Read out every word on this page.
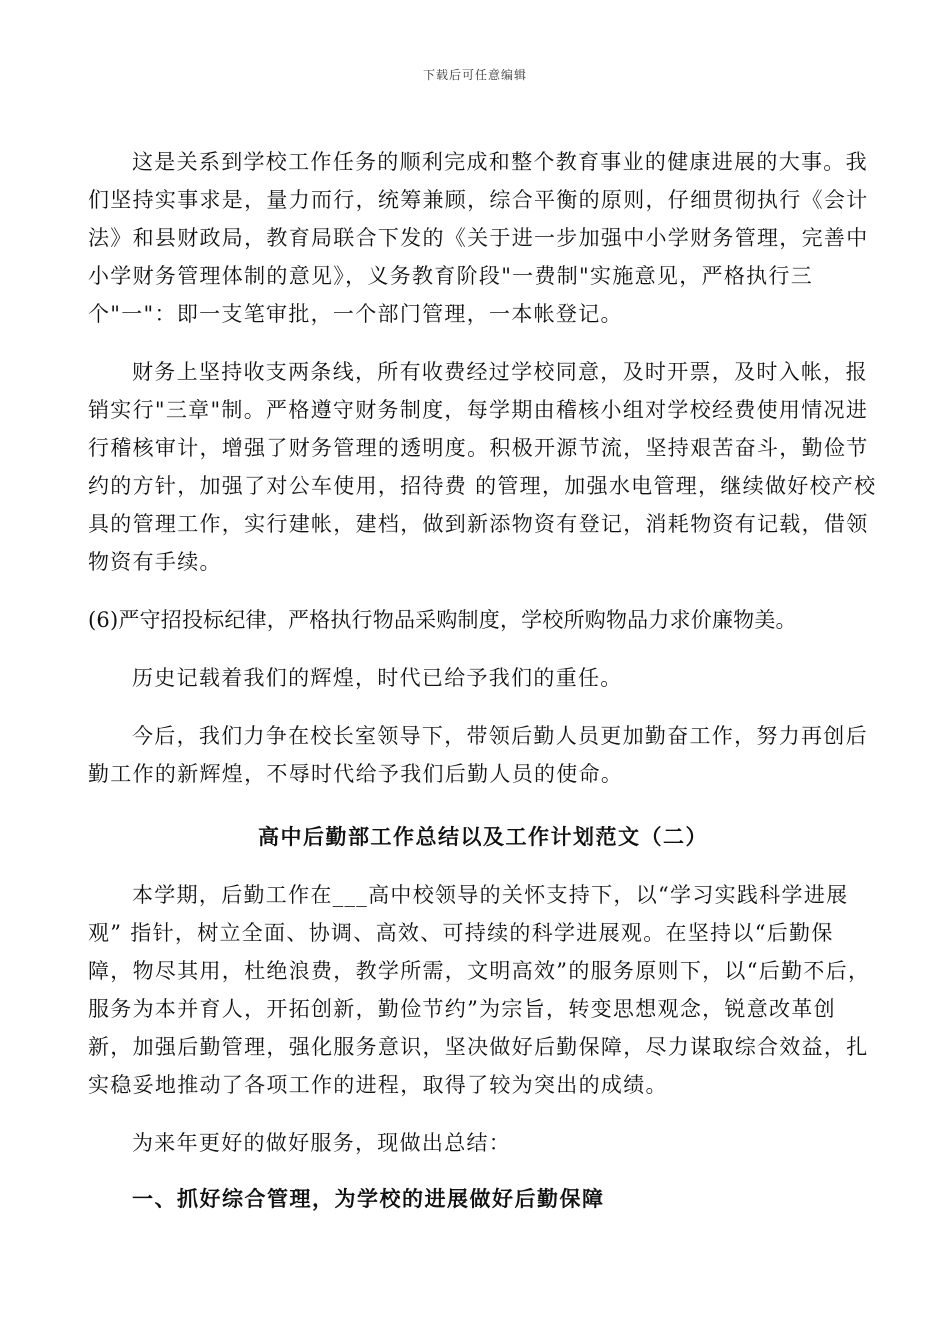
下载后可任意编辑

这是关系到学校工作任务的顺利完成和整个教育事业的健康进展的大事。我们坚持实事求是，量力而行，统筹兼顾，综合平衡的原则，仔细贯彻执行《会计法》和县财政局，教育局联合下发的《关于进一步加强中小学财务管理，完善中小学财务管理体制的意见》，义务教育阶段"一费制"实施意见，严格执行三个"一"：即一支笔审批，一个部门管理，一本帐登记。

财务上坚持收支两条线，所有收费经过学校同意，及时开票，及时入帐，报销实行"三章"制。严格遵守财务制度，每学期由稽核小组对学校经费使用情况进行稽核审计，增强了财务管理的透明度。积极开源节流，坚持艰苦奋斗，勤俭节约的方针，加强了对公车使用，招待费 的管理，加强水电管理，继续做好校产校具的管理工作，实行建帐，建档，做到新添物资有登记，消耗物资有记载，借领物资有手续。

(6)严守招投标纪律，严格执行物品采购制度，学校所购物品力求价廉物美。

历史记载着我们的辉煌，时代已给予我们的重任。

今后，我们力争在校长室领导下，带领后勤人员更加勤奋工作，努力再创后勤工作的新辉煌，不辱时代给予我们后勤人员的使命。

高中后勤部工作总结以及工作计划范文（二）

本学期，后勤工作在___高中校领导的关怀支持下，以“学习实践科学进展观” 指针，树立全面、协调、高效、可持续的科学进展观。在坚持以“后勤保障，物尽其用，杜绝浪费，教学所需，文明高效”的服务原则下，以“后勤不后，服务为本并育人，开拓创新，勤俭节约”为宗旨，转变思想观念，锐意改革创新，加强后勤管理，强化服务意识，坚决做好后勤保障，尽力谋取综合效益，扎实稳妥地推动了各项工作的进程，取得了较为突出的成绩。

为来年更好的做好服务，现做出总结：

一、抓好综合管理，为学校的进展做好后勤保障
